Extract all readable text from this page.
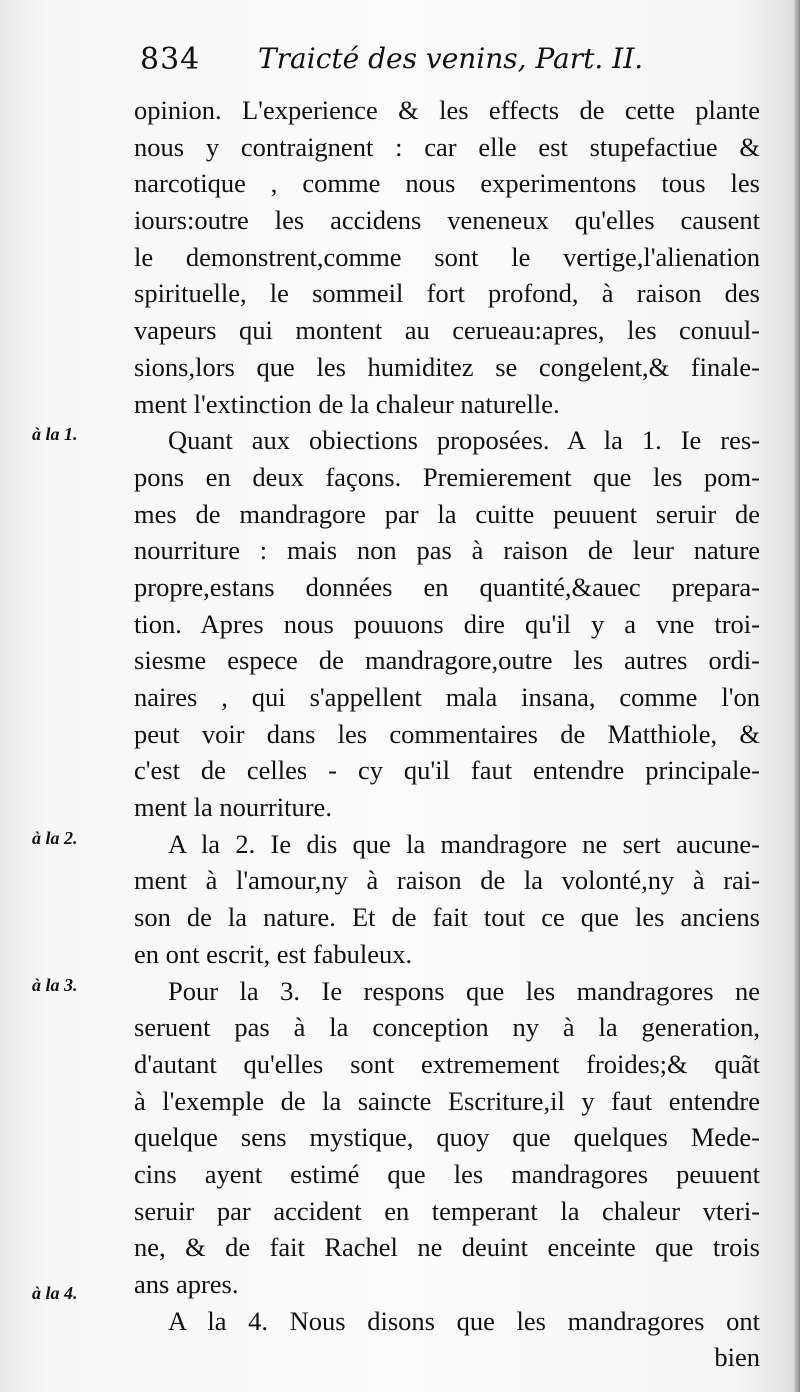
834 Traicté des venins, Part. II.
à la 1.
à la 2.
à la 3.
à la 4.
opinion. L'experience & les effects de cette plante
nous y contraignent : car elle est stupefactiue &
narcotique , comme nous experimentons tous les
iours:outre les accidens veneneux qu'elles causent
le demonstrent,comme sont le vertige,l'alienation
spirituelle, le sommeil fort profond, à raison des
vapeurs qui montent au cerueau:apres, les conuul-
sions,lors que les humiditez se congelent,& finale-
ment l'extinction de la chaleur naturelle.
Quant aux obiections proposées. A la 1. Ie res-
pons en deux façons. Premierement que les pom-
mes de mandragore par la cuitte peuuent seruir de
nourriture : mais non pas à raison de leur nature
propre,estans données en quantité,&auec prepara-
tion. Apres nous pouuons dire qu'il y a vne troi-
siesme espece de mandragore,outre les autres ordi-
naires , qui s'appellent mala insana, comme l'on
peut voir dans les commentaires de Matthiole, &
c'est de celles - cy qu'il faut entendre principale-
ment la nourriture.
A la 2. Ie dis que la mandragore ne sert aucune-
ment à l'amour,ny à raison de la volonté,ny à rai-
son de la nature. Et de fait tout ce que les anciens
en ont escrit, est fabuleux.
Pour la 3. Ie respons que les mandragores ne
seruent pas à la conception ny à la generation,
d'autant qu'elles sont extremement froides;& quãt
à l'exemple de la saincte Escriture,il y faut entendre
quelque sens mystique, quoy que quelques Mede-
cins ayent estimé que les mandragores peuuent
seruir par accident en temperant la chaleur vteri-
ne, & de fait Rachel ne deuint enceinte que trois
ans apres.
A la 4. Nous disons que les mandragores ont
bien
